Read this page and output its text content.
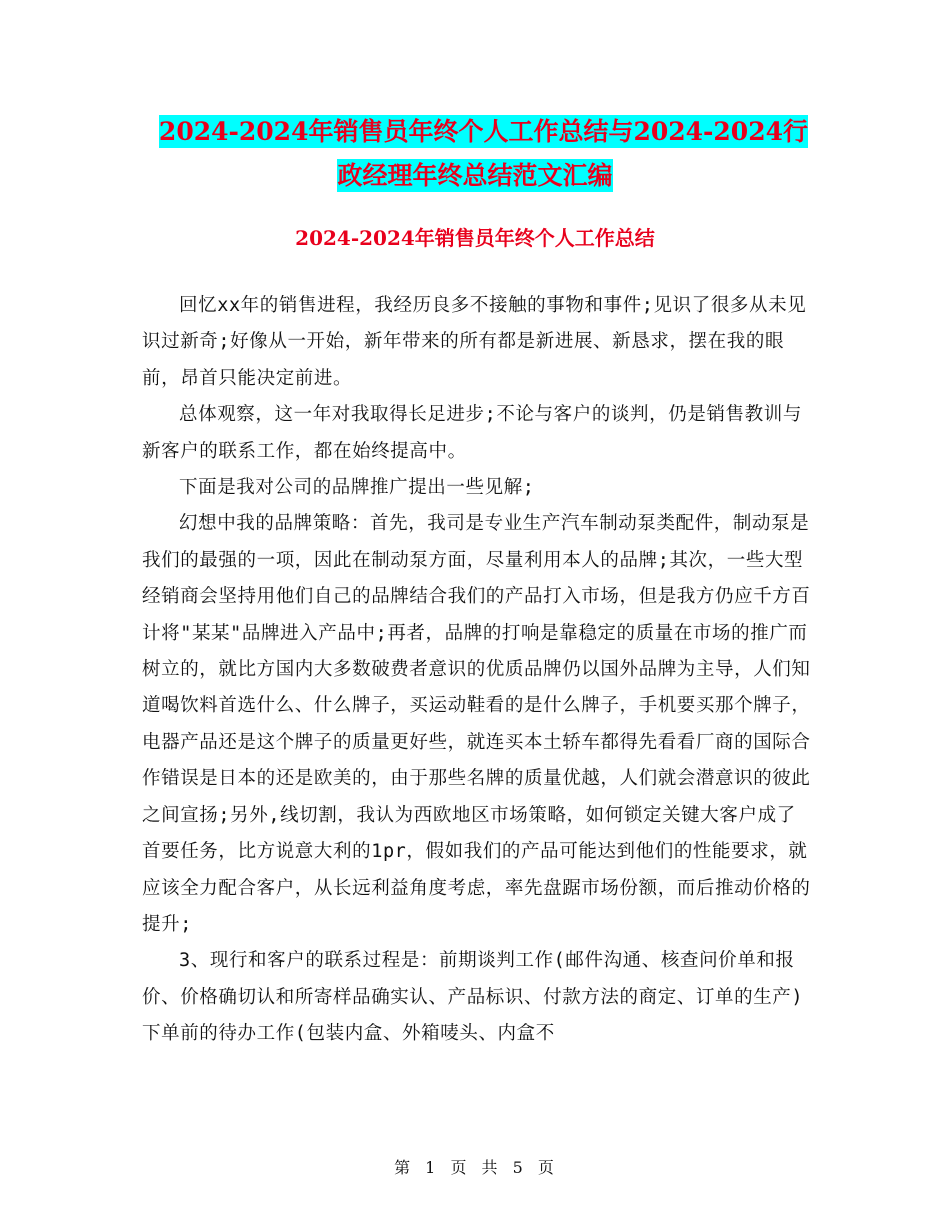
2024-2024年销售员年终个人工作总结与2024-2024行
政经理年终总结范文汇编
2024-2024年销售员年终个人工作总结

回忆xx年的销售进程，我经历良多不接触的事物和事件;见识了很多从未见识过新奇;好像从一开始，新年带来的所有都是新进展、新恳求，摆在我的眼前，昂首只能决定前进。

总体观察，这一年对我取得长足进步;不论与客户的谈判，仍是销售教训与新客户的联系工作，都在始终提高中。

下面是我对公司的品牌推广提出一些见解;

幻想中我的品牌策略：首先，我司是专业生产汽车制动泵类配件，制动泵是我们的最强的一项，因此在制动泵方面，尽量利用本人的品牌;其次，一些大型经销商会坚持用他们自己的品牌结合我们的产品打入市场，但是我方仍应千方百计将"某某"品牌进入产品中;再者，品牌的打响是靠稳定的质量在市场的推广而树立的，就比方国内大多数破费者意识的优质品牌仍以国外品牌为主导，人们知道喝饮料首选什么、什么牌子，买运动鞋看的是什么牌子，手机要买那个牌子，电器产品还是这个牌子的质量更好些，就连买本土轿车都得先看看厂商的国际合作错误是日本的还是欧美的，由于那些名牌的质量优越，人们就会潜意识的彼此之间宣扬;另外,线切割，我认为西欧地区市场策略，如何锁定关键大客户成了首要任务，比方说意大利的1pr，假如我们的产品可能达到他们的性能要求，就应该全力配合客户，从长远利益角度考虑，率先盘踞市场份额，而后推动价格的提升;

3、现行和客户的联系过程是：前期谈判工作(邮件沟通、核查问价单和报价、价格确切认和所寄样品确实认、产品标识、付款方法的商定、订单的生产)下单前的待办工作(包装内盒、外箱唛头、内盒不

第 1 页 共 5 页
